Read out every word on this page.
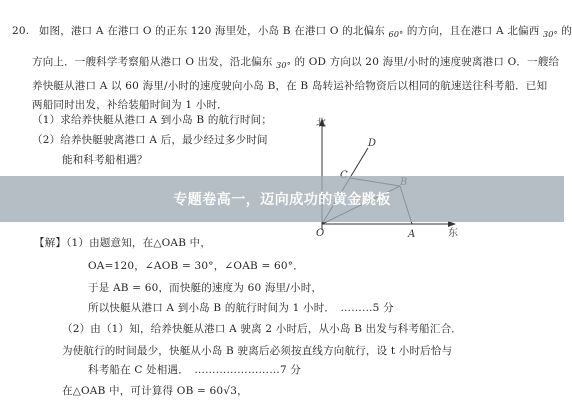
20. 如图，港口 A 在港口 O 的正东 120 海里处，小岛 B 在港口 O 的北偏东 $_{60^\circ}$ 的方向，且在港口 A 北偏西 $_{30^\circ}$ 的
方向上．一艘科学考察船从港口 O 出发，沿北偏东 $_{30^\circ}$ 的 OD 方向以 20 海里/小时的速度驶离港口 O．一艘给
养快艇从港口 A 以 60 海里/小时的速度驶向小岛 B，在 B 岛转运补给物资后以相同的航速送往科考船．已知
两船同时出发，补给装船时间为 1 小时．
（1）求给养快艇从港口 A 到小岛 B 的航行时间；
（2）给养快艇驶离港口 A 后，最少经过多少时间
能和科考船相遇？
北
东
O	A
D
专题卷高一，迈向成功的黄金跳板
【解】（1）由题意知，在△OAB 中，
OA=120，∠AOB = 30°，∠OAB = 60°．
于是 AB = 60，而快艇的速度为 60 海里/小时，
所以快艇从港口 A 到小岛 B 的航行时间为 1 小时．　………5 分
（2）由（1）知，给养快艇从港口 A 驶离 2 小时后，从小岛 B 出发与科考船汇合．
为使航行的时间最少，快艇从小岛 B 驶离后必须按直线方向航行，设 t 小时后恰与
科考船在 C 处相遇．　……………………7 分
在△OAB 中，可计算得 OB = 60√3，
